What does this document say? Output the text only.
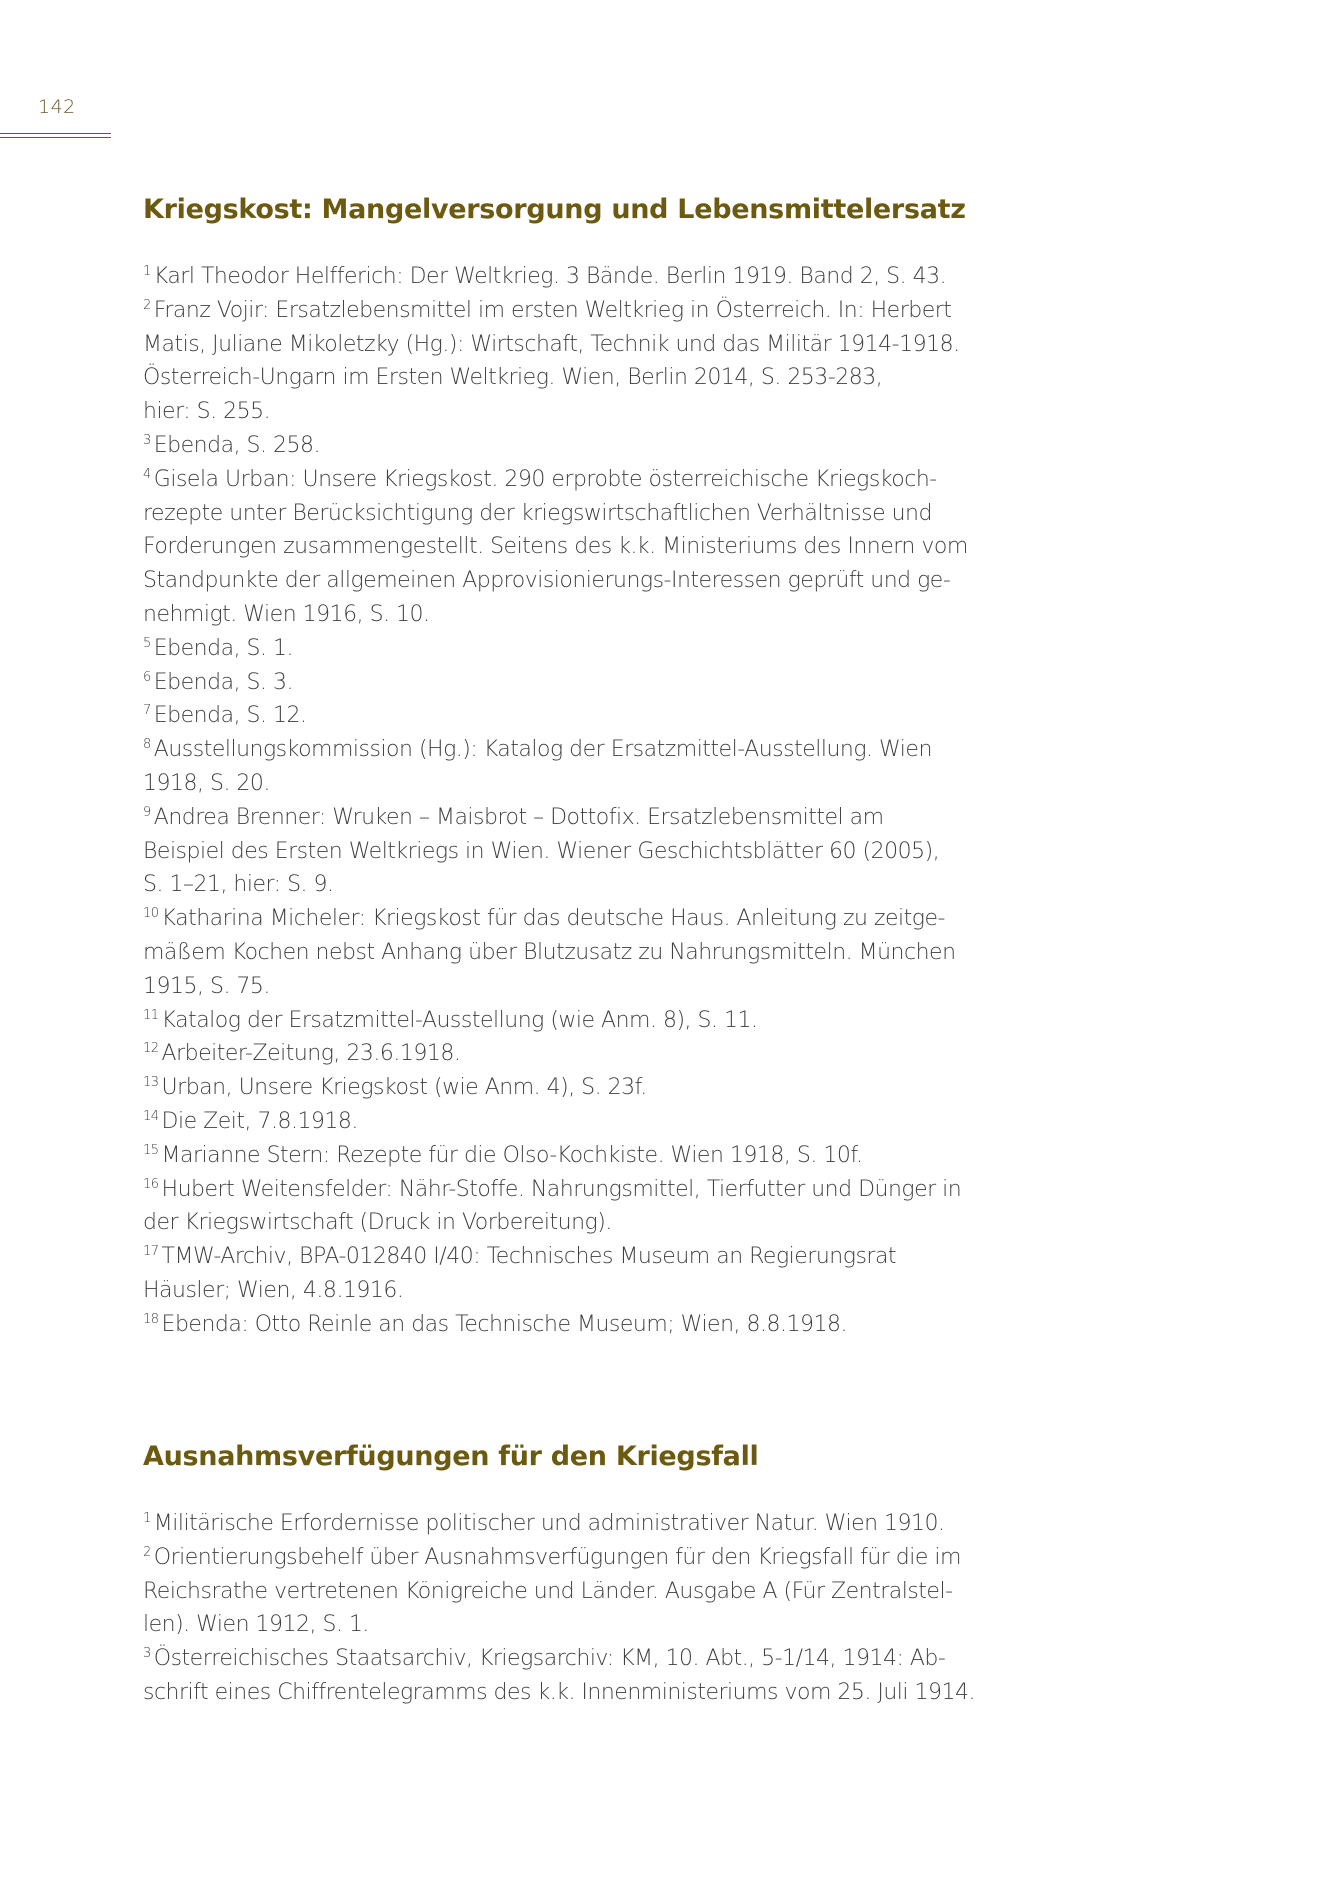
142
Kriegskost: Mangelversorgung und Lebensmittelersatz
$^1$ Karl Theodor Helfferich: Der Weltkrieg. 3 Bände. Berlin 1919. Band 2, S. 43.
$^2$ Franz Vojir: Ersatzlebensmittel im ersten Weltkrieg in Österreich. In: Herbert
Matis, Juliane Mikoletzky (Hg.): Wirtschaft, Technik und das Militär 1914-1918.
Österreich-Ungarn im Ersten Weltkrieg. Wien, Berlin 2014, S. 253-283,
hier: S. 255.
$^3$ Ebenda, S. 258.
$^4$ Gisela Urban: Unsere Kriegskost. 290 erprobte österreichische Kriegskoch-
rezepte unter Berücksichtigung der kriegswirtschaftlichen Verhältnisse und
Forderungen zusammengestellt. Seitens des k.k. Ministeriums des Innern vom
Standpunkte der allgemeinen Approvisionierungs-Interessen geprüft und ge-
nehmigt. Wien 1916, S. 10.
$^5$ Ebenda, S. 1.
$^6$ Ebenda, S. 3.
$^7$ Ebenda, S. 12.
$^8$ Ausstellungskommission (Hg.): Katalog der Ersatzmittel-Ausstellung. Wien
1918, S. 20.
$^9$ Andrea Brenner: Wruken – Maisbrot – Dottofix. Ersatzlebensmittel am
Beispiel des Ersten Weltkriegs in Wien. Wiener Geschichtsblätter 60 (2005),
S. 1–21, hier: S. 9.
$^{10}$ Katharina Micheler: Kriegskost für das deutsche Haus. Anleitung zu zeitge-
mäßem Kochen nebst Anhang über Blutzusatz zu Nahrungsmitteln. München
1915, S. 75.
$^{11}$ Katalog der Ersatzmittel-Ausstellung (wie Anm. 8), S. 11.
$^{12}$ Arbeiter-Zeitung, 23.6.1918.
$^{13}$ Urban, Unsere Kriegskost (wie Anm. 4), S. 23f.
$^{14}$ Die Zeit, 7.8.1918.
$^{15}$ Marianne Stern: Rezepte für die Olso-Kochkiste. Wien 1918, S. 10f.
$^{16}$ Hubert Weitensfelder: Nähr-Stoffe. Nahrungsmittel, Tierfutter und Dünger in
der Kriegswirtschaft (Druck in Vorbereitung).
$^{17}$ TMW-Archiv, BPA-012840 I/40: Technisches Museum an Regierungsrat
Häusler; Wien, 4.8.1916.
$^{18}$ Ebenda: Otto Reinle an das Technische Museum; Wien, 8.8.1918.
Ausnahmsverfügungen für den Kriegsfall
$^1$ Militärische Erfordernisse politischer und administrativer Natur. Wien 1910.
$^2$ Orientierungsbehelf über Ausnahmsverfügungen für den Kriegsfall für die im
Reichsrathe vertretenen Königreiche und Länder. Ausgabe A (Für Zentralstel-
len). Wien 1912, S. 1.
$^3$ Österreichisches Staatsarchiv, Kriegsarchiv: KM, 10. Abt., 5-1/14, 1914: Ab-
schrift eines Chiffrentelegramms des k.k. Innenministeriums vom 25. Juli 1914.
